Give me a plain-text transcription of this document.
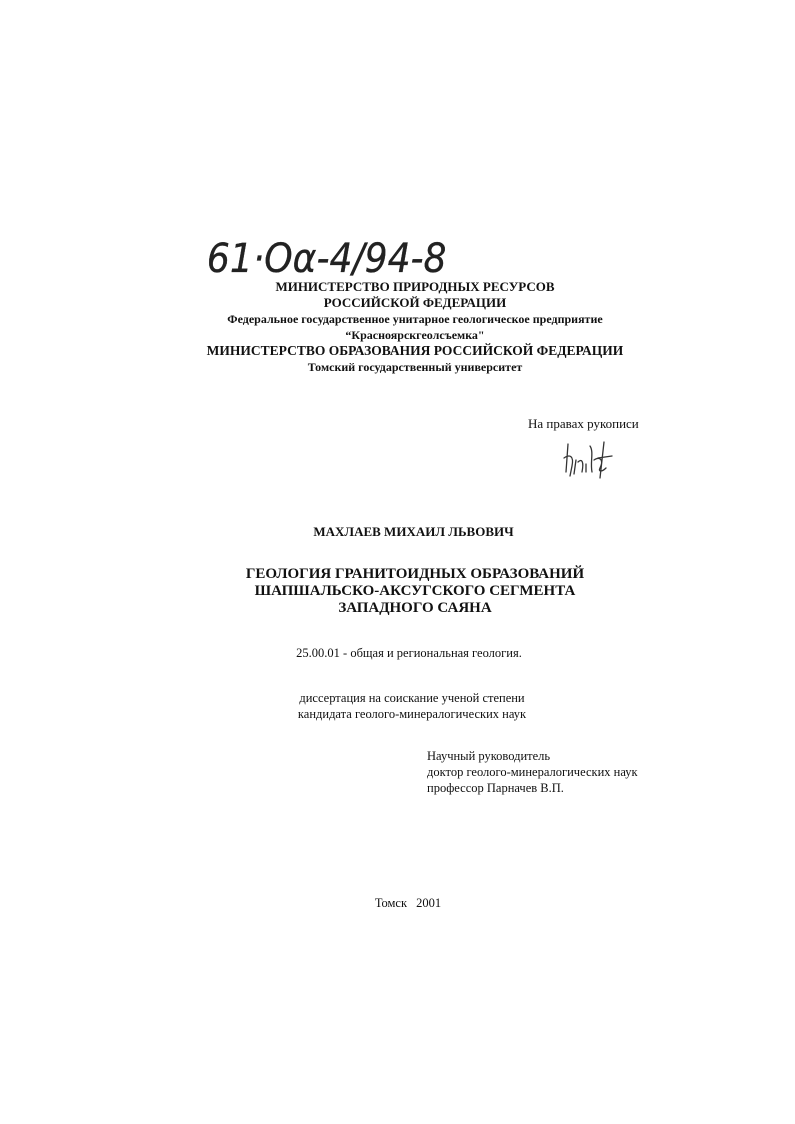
61·Oα-4/94-8
МИНИСТЕРСТВО ПРИРОДНЫХ РЕСУРСОВ
РОССИЙСКОЙ ФЕДЕРАЦИИ
Федеральное государственное унитарное геологическое предприятие
“Красноярскгеолсъемка"
МИНИСТЕРСТВО ОБРАЗОВАНИЯ РОССИЙСКОЙ ФЕДЕРАЦИИ
Томский государственный университет
На правах рукописи
МАХЛАЕВ МИХАИЛ ЛЬВОВИЧ
ГЕОЛОГИЯ ГРАНИТОИДНЫХ ОБРАЗОВАНИЙ
ШАПШАЛЬСКО-АКСУГСКОГО СЕГМЕНТА
ЗАПАДНОГО САЯНА
25.00.01 - общая и региональная геология.
диссертация на соискание ученой степени
кандидата геолого-минералогических наук
Научный руководитель
доктор геолого-минералогических наук
профессор Парначев В.П.
Томск 2001
